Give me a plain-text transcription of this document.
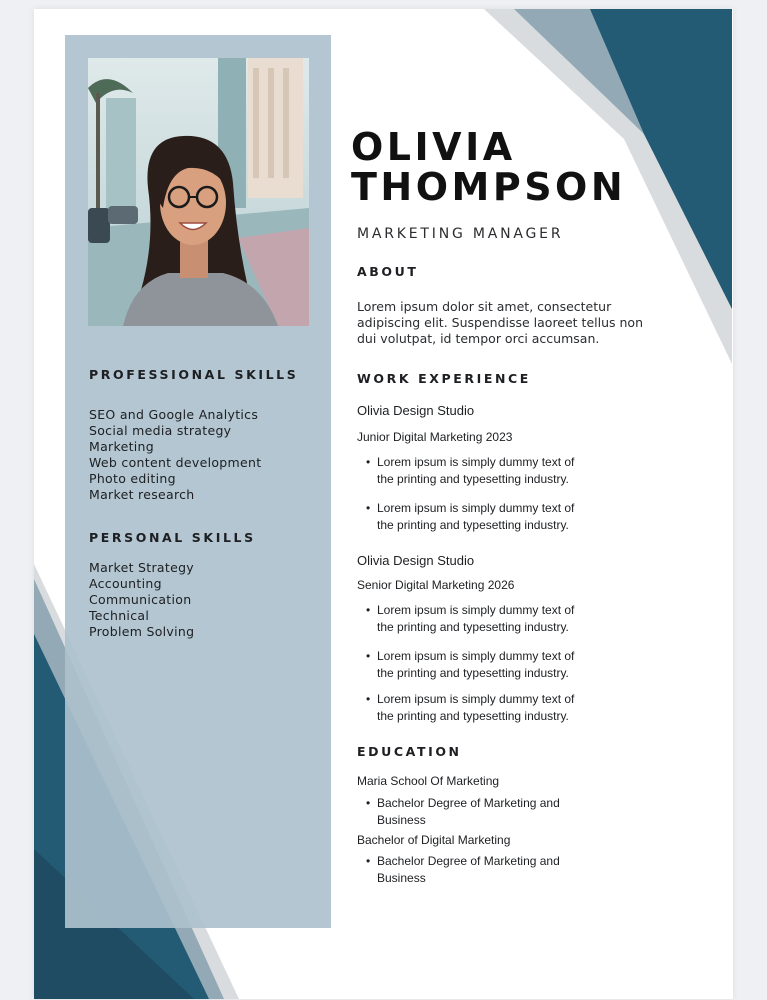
PROFESSIONAL SKILLS
SEO and Google Analytics
Social media strategy
Marketing
Web content development
Photo editing
Market research
PERSONAL SKILLS
Market Strategy
Accounting
Communication
Technical
Problem Solving
OLIVIA
THOMPSON
MARKETING MANAGER
ABOUT

Lorem ipsum dolor sit amet, consectetur adipiscing elit. Suspendisse laoreet tellus non dui volutpat, id tempor orci accumsan.

WORK EXPERIENCE
Olivia Design Studio
Junior Digital Marketing 2023
• Lorem ipsum is simply dummy text of the printing and typesetting industry.
• Lorem ipsum is simply dummy text of the printing and typesetting industry.
Olivia Design Studio
Senior Digital Marketing 2026
• Lorem ipsum is simply dummy text of the printing and typesetting industry.
• Lorem ipsum is simply dummy text of the printing and typesetting industry.
• Lorem ipsum is simply dummy text of the printing and typesetting industry.
EDUCATION
Maria School Of Marketing
• Bachelor Degree of Marketing and Business
Bachelor of Digital Marketing
• Bachelor Degree of Marketing and Business
